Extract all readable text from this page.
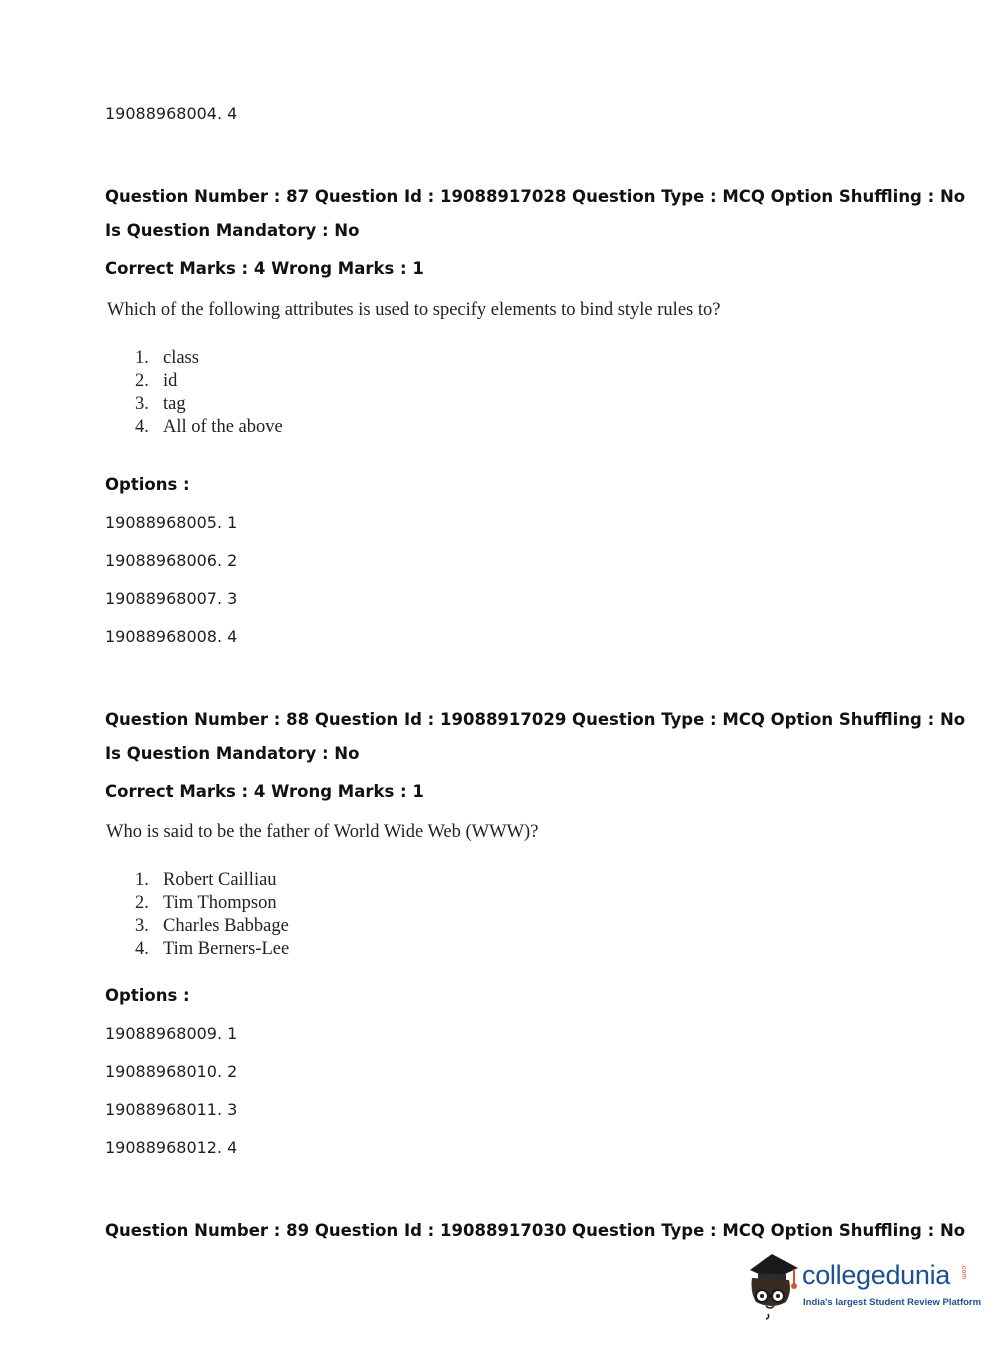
19088968004. 4
Question Number : 87 Question Id : 19088917028 Question Type : MCQ Option Shuffling : No
Is Question Mandatory : No
Correct Marks : 4 Wrong Marks : 1
Which of the following attributes is used to specify elements to bind style rules to?
1. class
2. id
3. tag
4. All of the above
Options :
19088968005. 1
19088968006. 2
19088968007. 3
19088968008. 4
Question Number : 88 Question Id : 19088917029 Question Type : MCQ Option Shuffling : No
Is Question Mandatory : No
Correct Marks : 4 Wrong Marks : 1
Who is said to be the father of World Wide Web (WWW)?
1. Robert Cailliau
2. Tim Thompson
3. Charles Babbage
4. Tim Berners-Lee
Options :
19088968009. 1
19088968010. 2
19088968011. 3
19088968012. 4
Question Number : 89 Question Id : 19088917030 Question Type : MCQ Option Shuffling : No
collegedunia .com
India's largest Student Review Platform
